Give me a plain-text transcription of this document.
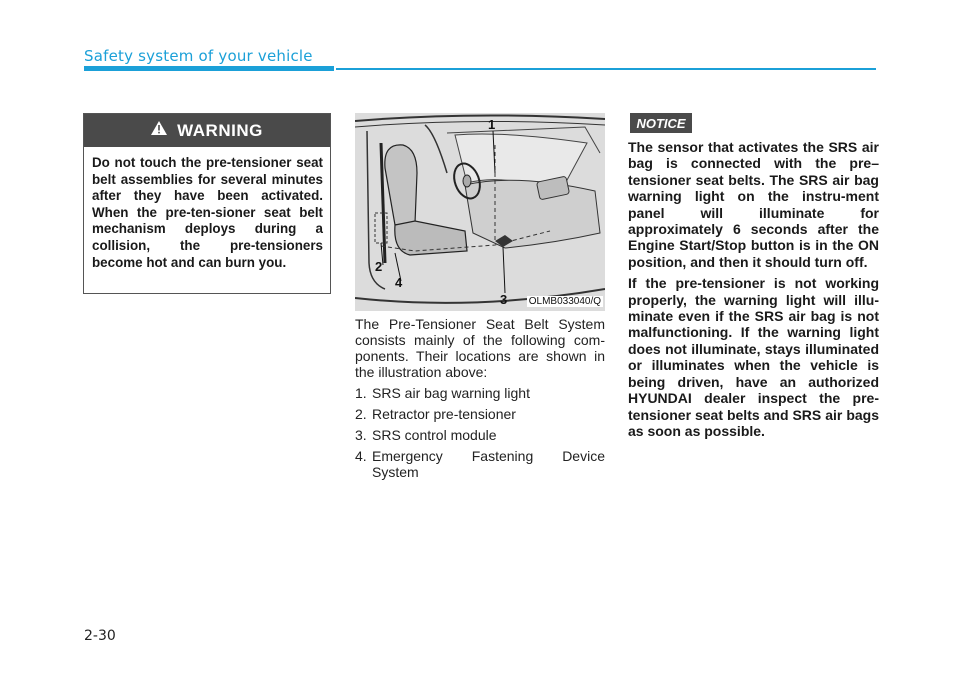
Safety system of your vehicle
WARNING
Do not touch the pre-tensioner seat belt assemblies for several minutes after they have been activated. When the pre-ten-sioner seat belt mechanism deploys during a collision, the pre-tensioners become hot and can burn you.
1
2
3
4
OLMB033040/Q

The Pre-Tensioner Seat Belt System consists mainly of the following com-ponents. Their locations are shown in the illustration above:

1. SRS air bag warning light
2. Retractor pre-tensioner
3. SRS control module
4. Emergency Fastening Device System
NOTICE

The sensor that activates the SRS air bag is connected with the pre–tensioner seat belts. The SRS air bag warning light on the instru-ment panel will illuminate for approximately 6 seconds after the Engine Start/Stop button is in the ON position, and then it should turn off.

If the pre-tensioner is not working properly, the warning light will illu-minate even if the SRS air bag is not malfunctioning. If the warning light does not illuminate, stays illuminated or illuminates when the vehicle is being driven, have an authorized HYUNDAI dealer inspect the pre-tensioner seat belts and SRS air bags as soon as possible.

2-30
